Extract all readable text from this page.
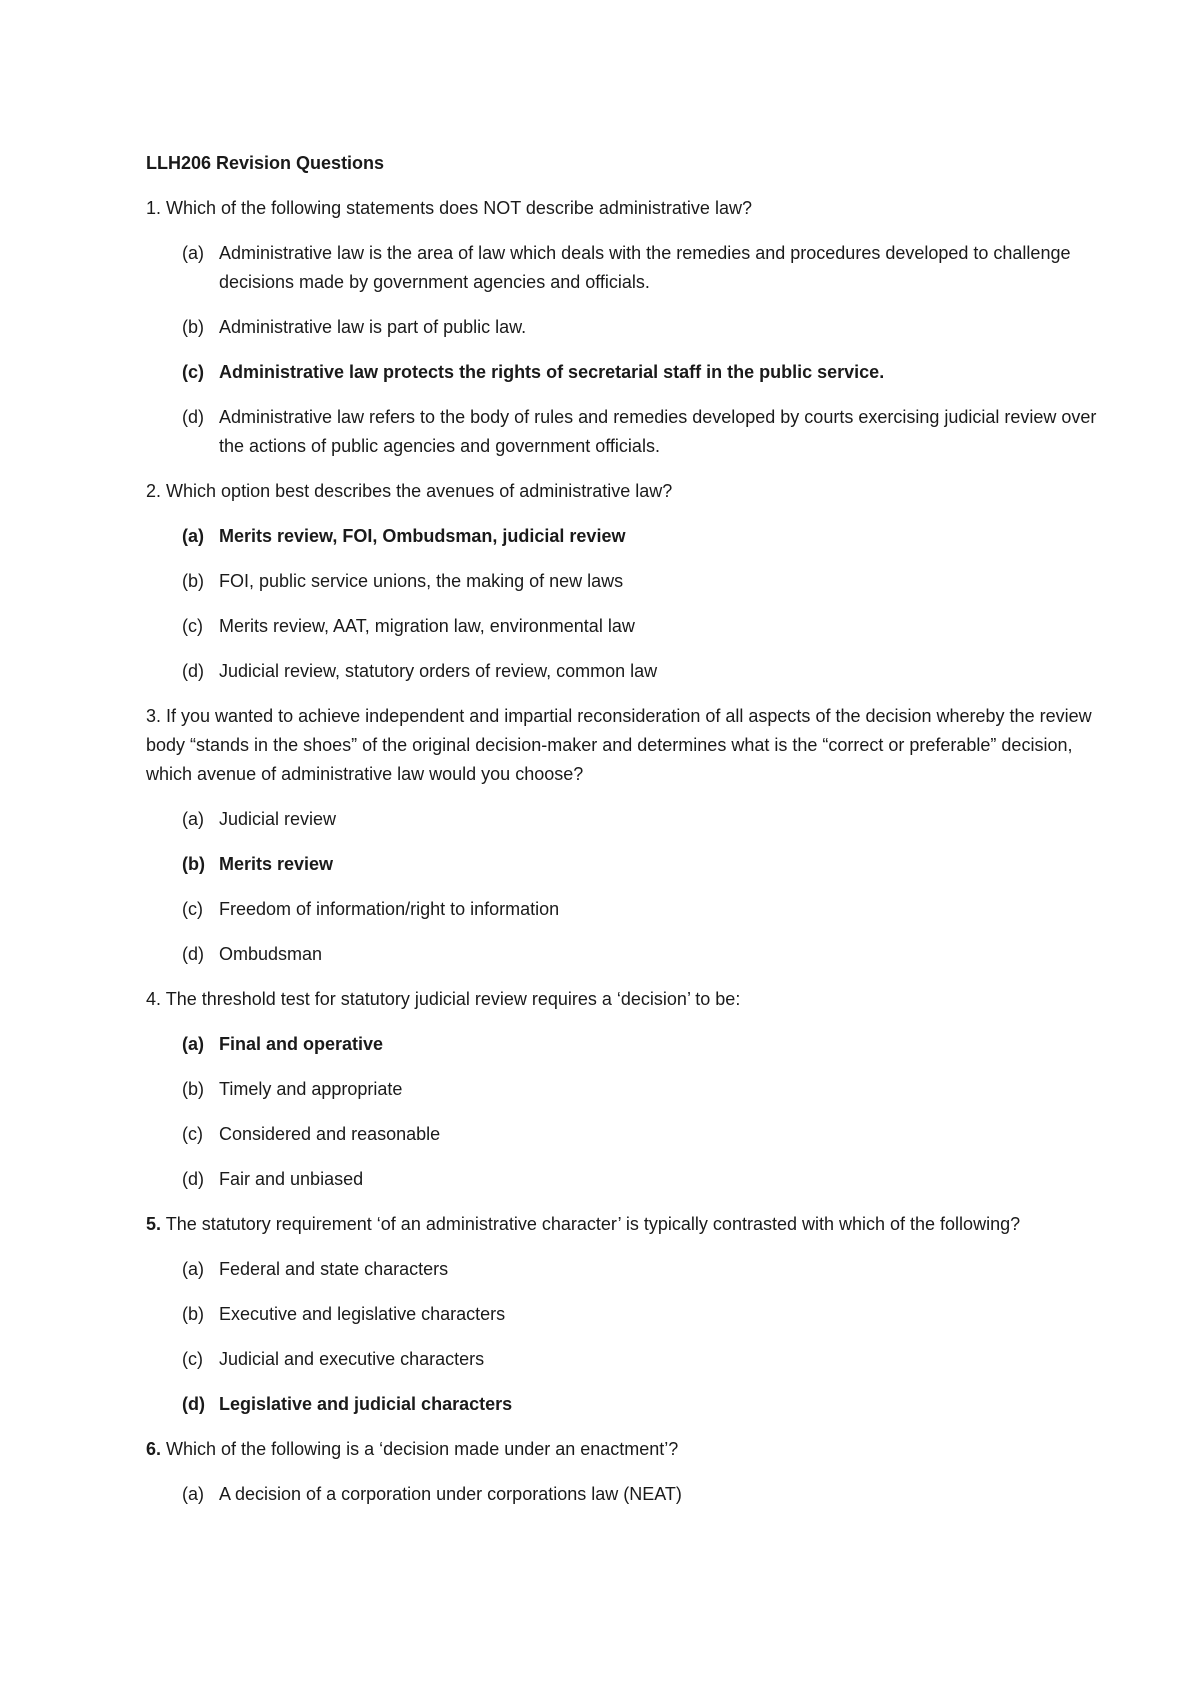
LLH206 Revision Questions

1. Which of the following statements does NOT describe administrative law?

(a) Administrative law is the area of law which deals with the remedies and procedures developed to challenge decisions made by government agencies and officials.
(b) Administrative law is part of public law.
(c) Administrative law protects the rights of secretarial staff in the public service.
(d) Administrative law refers to the body of rules and remedies developed by courts exercising judicial review over the actions of public agencies and government officials.

2. Which option best describes the avenues of administrative law?

(a) Merits review, FOI, Ombudsman, judicial review
(b) FOI, public service unions, the making of new laws
(c) Merits review, AAT, migration law, environmental law
(d) Judicial review, statutory orders of review, common law

3. If you wanted to achieve independent and impartial reconsideration of all aspects of the decision whereby the review body “stands in the shoes” of the original decision-maker and determines what is the “correct or preferable” decision, which avenue of administrative law would you choose?

(a) Judicial review
(b) Merits review
(c) Freedom of information/right to information
(d) Ombudsman

4. The threshold test for statutory judicial review requires a ‘decision’ to be:

(a) Final and operative
(b) Timely and appropriate
(c) Considered and reasonable
(d) Fair and unbiased

5. The statutory requirement ‘of an administrative character’ is typically contrasted with which of the following?

(a) Federal and state characters
(b) Executive and legislative characters
(c) Judicial and executive characters
(d) Legislative and judicial characters

6. Which of the following is a ‘decision made under an enactment’?

(a) A decision of a corporation under corporations law (NEAT)
